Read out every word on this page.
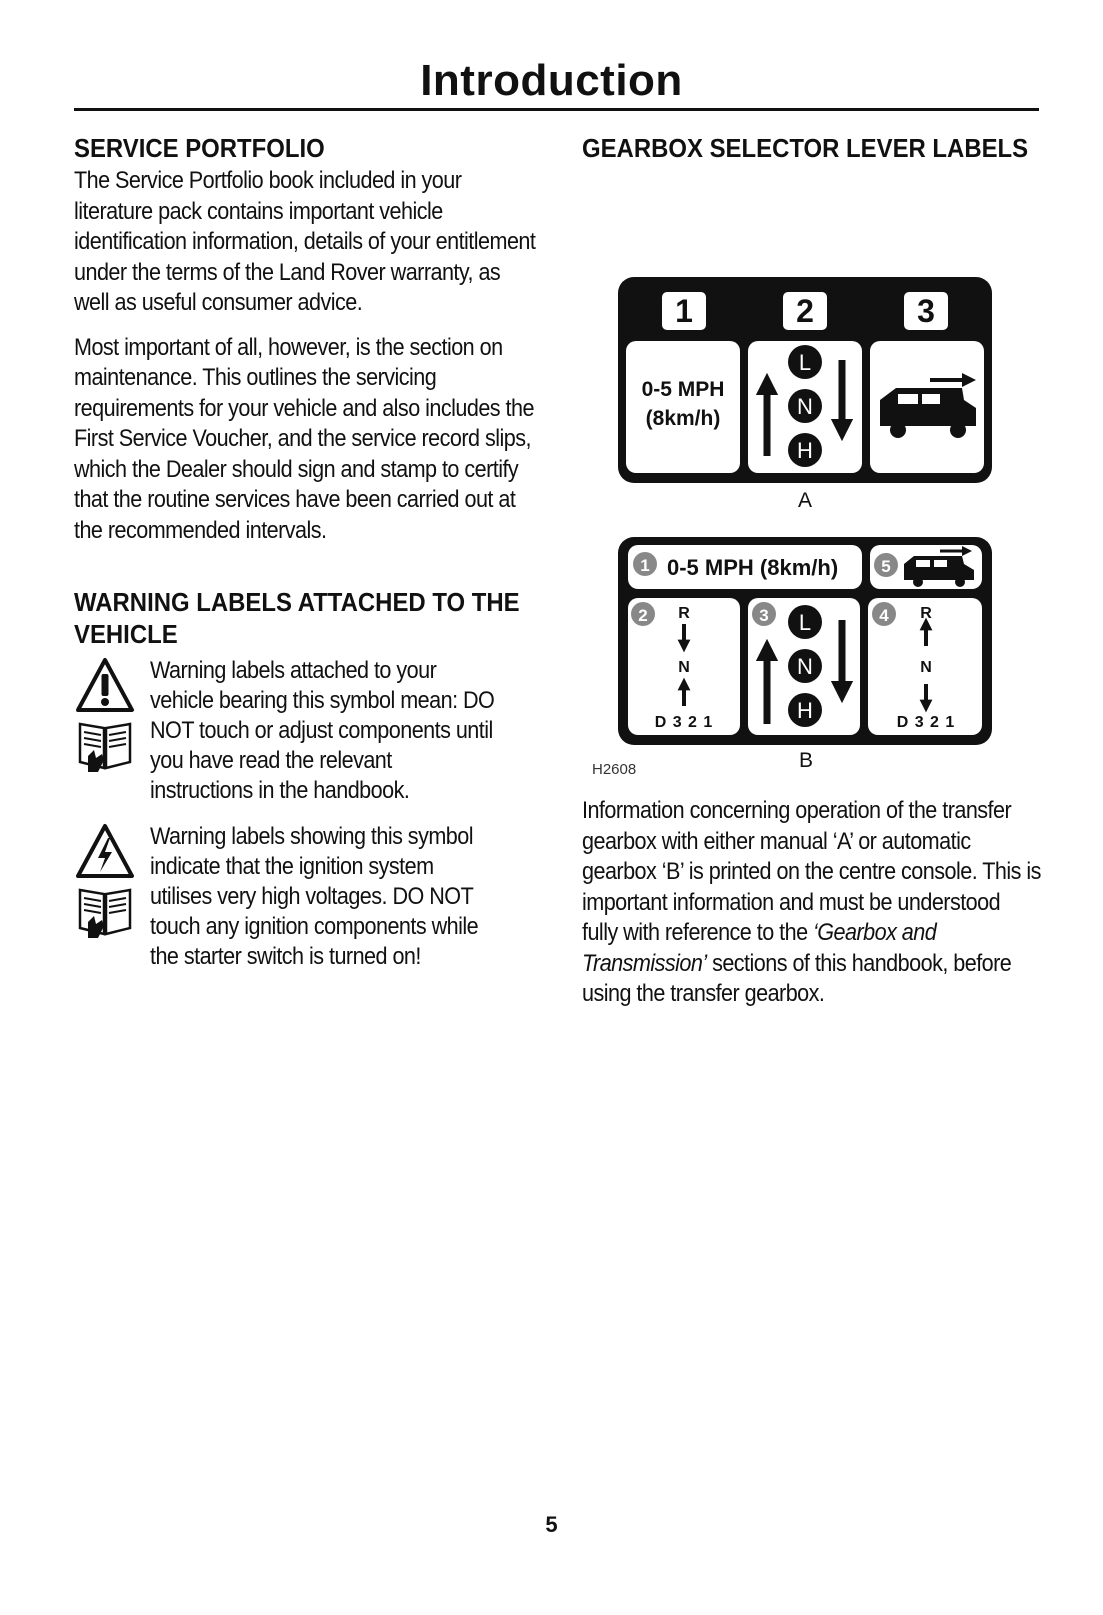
Introduction
SERVICE PORTFOLIO

The Service Portfolio book included in your literature pack contains important vehicle identification information, details of your entitlement under the terms of the Land Rover warranty, as well as useful consumer advice.

Most important of all, however, is the section on maintenance. This outlines the servicing requirements for your vehicle and also includes the First Service Voucher, and the service record slips, which the Dealer should sign and stamp to certify that the routine services have been carried out at the recommended intervals.

WARNING LABELS ATTACHED TO THE VEHICLE

Warning labels attached to your vehicle bearing this symbol mean: DO NOT touch or adjust components until you have read the relevant instructions in the handbook.

Warning labels showing this symbol indicate that the ignition system utilises very high voltages. DO NOT touch any ignition components while the starter switch is turned on!

GEARBOX SELECTOR LEVER LABELS
1	2	3
0-5 MPH
(8km/h)
L
N
H
A
1 0-5 MPH (8km/h)	5
2 R
N
D 3 2 1
3 L
N
H
4 R
N
D 3 2 1
H2608	B

Information concerning operation of the transfer gearbox with either manual ‘A’ or automatic gearbox ‘B’ is printed on the centre console. This is important information and must be understood fully with reference to the ‘Gearbox and Transmission’ sections of this handbook, before using the transfer gearbox.

5
